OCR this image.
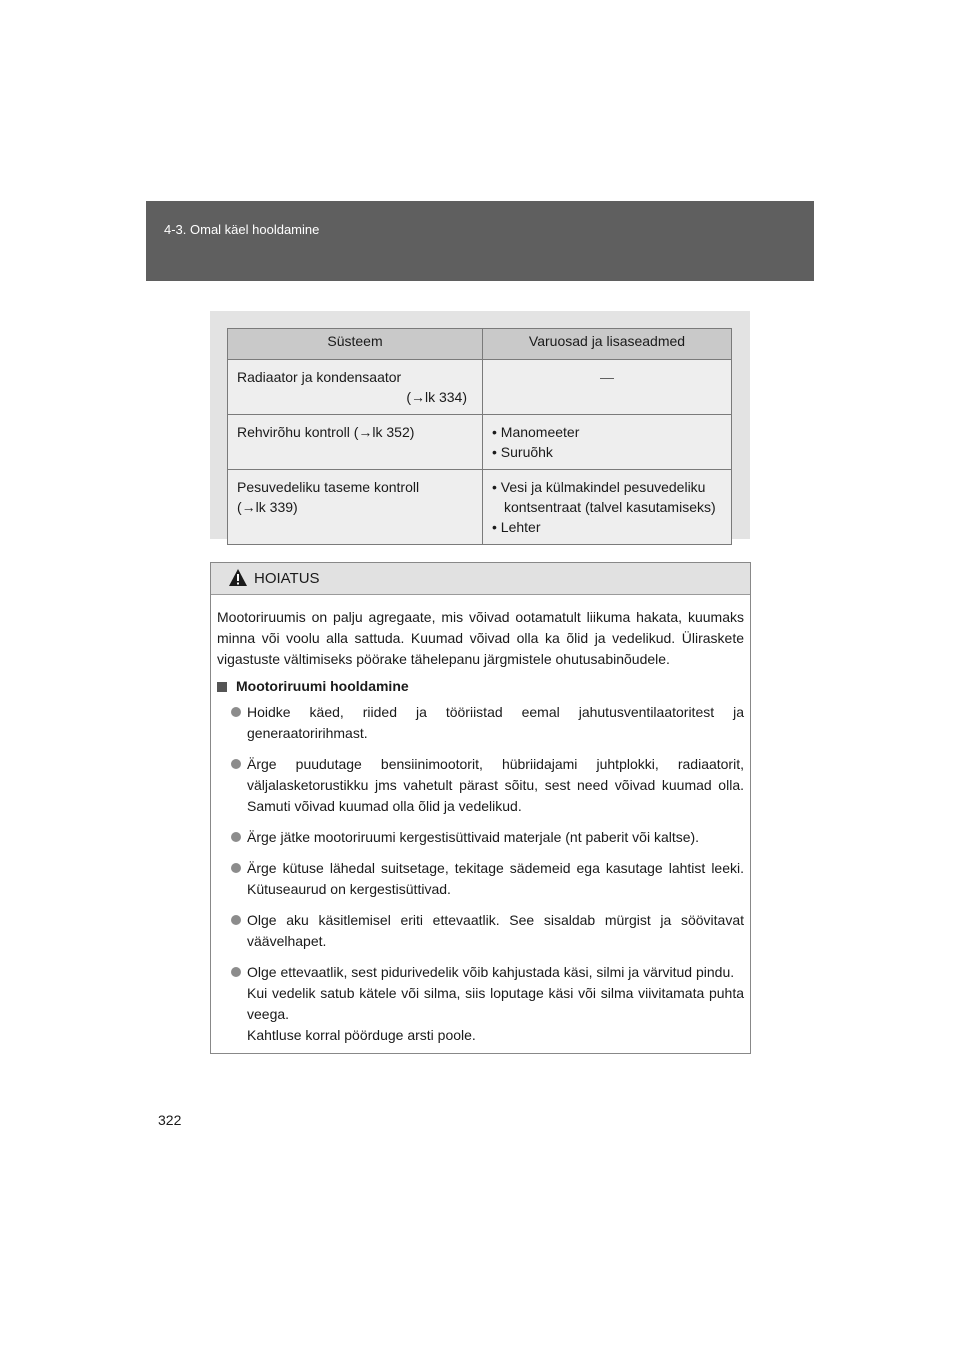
4-3. Omal käel hooldamine
Süsteem	Varuosad ja lisaseadmed

Radiaator ja kondensaator
(→lk 334)	—

Rehvirõhu kontroll (→lk 352)	• Manomeeter
• Suruõhk

Pesuvedeliku taseme kontroll
(→lk 339)	• Vesi ja külmakindel pesuvedeliku
kontsentraat (talvel kasutamiseks)
• Lehter
HOIATUS

Mootoriruumis on palju agregaate, mis võivad ootamatult liikuma hakata, kuumaks minna või voolu alla sattuda. Kuumad võivad olla ka õlid ja vedelikud. Üliraskete vigastuste vältimiseks pöörake tähelepanu järgmistele ohutusabinõudele.

Mootoriruumi hooldamine
Hoidke käed, riided ja tööriistad eemal jahutusventilaatoritest ja generaatoririhmast.
Ärge puudutage bensiinimootorit, hübriidajami juhtplokki, radiaatorit, väljalasketorustikku jms vahetult pärast sõitu, sest need võivad kuumad olla. Samuti võivad kuumad olla õlid ja vedelikud.
Ärge jätke mootoriruumi kergestisüttivaid materjale (nt paberit või kaltse).
Ärge kütuse lähedal suitsetage, tekitage sädemeid ega kasutage lahtist leeki. Kütuseaurud on kergestisüttivad.
Olge aku käsitlemisel eriti ettevaatlik. See sisaldab mürgist ja söövitavat väävelhapet.
Olge ettevaatlik, sest pidurivedelik võib kahjustada käsi, silmi ja värvitud pindu.
Kui vedelik satub kätele või silma, siis loputage käsi või silma viivitamata puhta veega.
Kahtluse korral pöörduge arsti poole.
322
